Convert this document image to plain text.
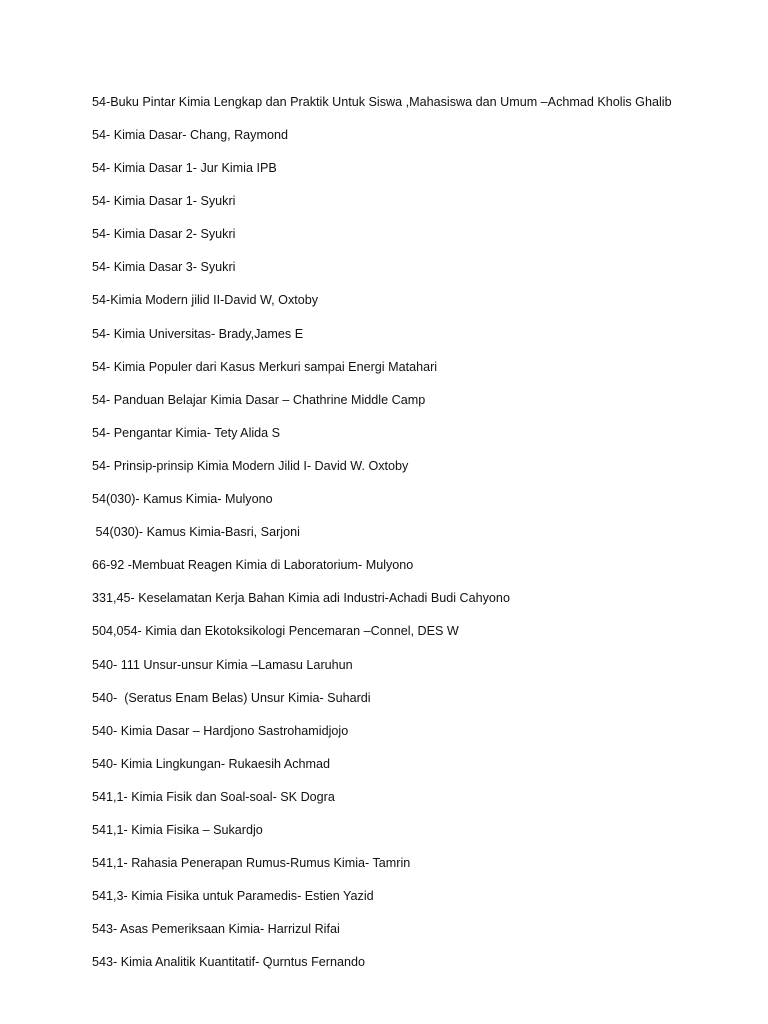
54-Buku Pintar Kimia Lengkap dan Praktik Untuk Siswa ,Mahasiswa dan Umum –Achmad Kholis Ghalib
54- Kimia Dasar- Chang, Raymond
54- Kimia Dasar 1- Jur Kimia IPB
54- Kimia Dasar 1- Syukri
54- Kimia Dasar 2- Syukri
54- Kimia Dasar 3- Syukri
54-Kimia Modern jilid II-David W, Oxtoby
54- Kimia Universitas- Brady,James E
54- Kimia Populer dari Kasus Merkuri sampai Energi Matahari
54- Panduan Belajar Kimia Dasar – Chathrine Middle Camp
54- Pengantar Kimia- Tety Alida S
54- Prinsip-prinsip Kimia Modern Jilid I- David W. Oxtoby
54(030)- Kamus Kimia- Mulyono
54(030)- Kamus Kimia-Basri, Sarjoni
66-92 -Membuat Reagen Kimia di Laboratorium- Mulyono
331,45- Keselamatan Kerja Bahan Kimia adi Industri-Achadi Budi Cahyono
504,054- Kimia dan Ekotoksikologi Pencemaran –Connel, DES W
540- 111 Unsur-unsur Kimia –Lamasu Laruhun
540-  (Seratus Enam Belas) Unsur Kimia- Suhardi
540- Kimia Dasar – Hardjono Sastrohamidjojo
540- Kimia Lingkungan- Rukaesih Achmad
541,1- Kimia Fisik dan Soal-soal- SK Dogra
541,1- Kimia Fisika – Sukardjo
541,1- Rahasia Penerapan Rumus-Rumus Kimia- Tamrin
541,3- Kimia Fisika untuk Paramedis- Estien Yazid
543- Asas Pemeriksaan Kimia- Harrizul Rifai
543- Kimia Analitik Kuantitatif- Qurntus Fernando
